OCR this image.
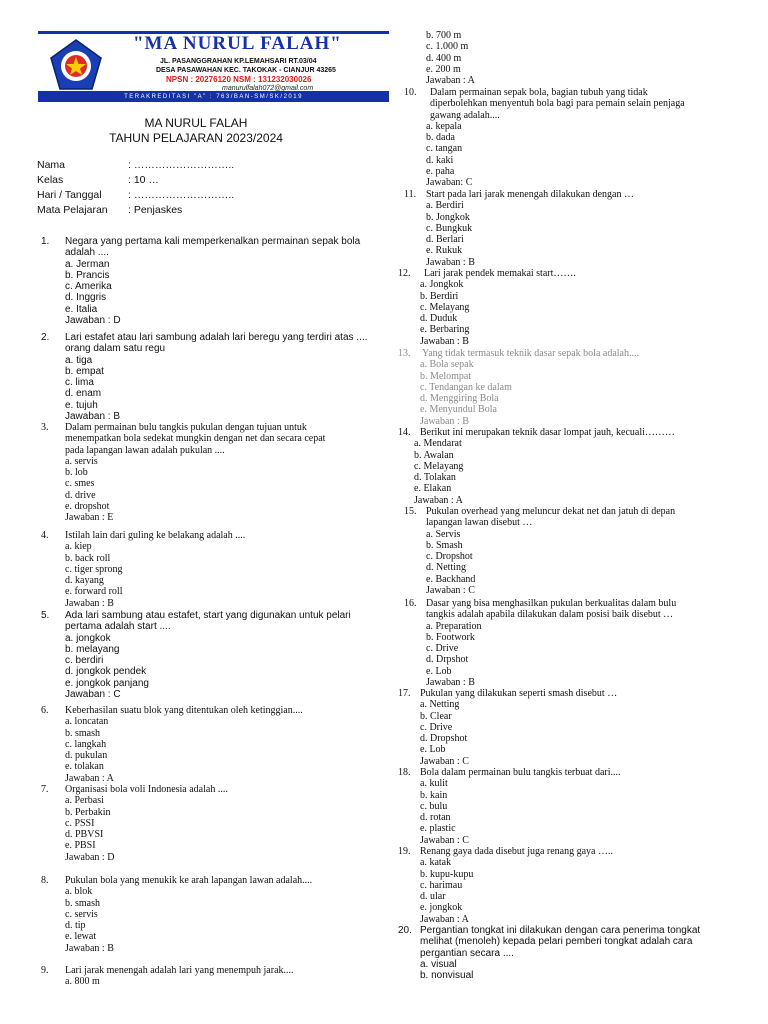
"MA NURUL FALAH"
JL. PASANGGRAHAN KP.LEMAHSARI RT.03/04
DESA PASAWAHAN KEC. TAKOKAK - CIANJUR 43265
NPSN : 20276120 NSM : 131232030026
manurulfalah072@gmail.com
TERAKREDITASI "A" : 763/BAN-SM/SK/2019
MA NURUL FALAH
TAHUN PELAJARAN 2023/2024
Nama	: ………………………..
Kelas	: 10 …
Hari / Tanggal	: ………………………..
Mata Pelajaran : Penjaskes
1. Negara yang pertama kali memperkenalkan permainan sepak bola
adalah ....
a. Jerman
b. Prancis
c. Amerika
d. Inggris
e. Italia
Jawaban : D
2. Lari estafet atau lari sambung adalah lari beregu yang terdiri atas ....
orang dalam satu regu
a. tiga
b. empat
c. lima
d. enam
e. tujuh
Jawaban : B
3. Dalam permainan bulu tangkis pukulan dengan tujuan untuk
menempatkan bola sedekat mungkin dengan net dan secara cepat
pada lapangan lawan adalah pukulan ....
a. servis
b. lob
c. smes
d. drive
e. dropshot
Jawaban : E
4. Istilah lain dari guling ke belakang adalah ....
a. kiep
b. back roll
c. tiger sprong
d. kayang
e. forward roll
Jawaban : B
5. Ada lari sambung atau estafet, start yang digunakan untuk pelari
pertama adalah start ....
a. jongkok
b. melayang
c. berdiri
d. jongkok pendek
e. jongkok panjang
Jawaban : C
6. Keberhasilan suatu blok yang ditentukan oleh ketinggian....
a. loncatan
b. smash
c. langkah
d. pukulan
e. tolakan
Jawaban : A
7. Organisasi bola voli Indonesia adalah ....
a. Perbasi
b. Perbakin
c. PSSI
d. PBVSI
e. PBSI
Jawaban : D
8. Pukulan bola yang menukik ke arah lapangan lawan adalah....
a. blok
b. smash
c. servis
d. tip
e. lewat
Jawaban : B
9. Lari jarak menengah adalah lari yang menempuh jarak....
a. 800 m
b. 700 m
c. 1.000 m
d. 400 m
e. 200 m
Jawaban : A
10.	Dalam permainan sepak bola, bagian tubuh yang tidak
diperbolehkan menyentuh bola bagi para pemain selain penjaga
gawang adalah....
a. kepala
b. dada
c. tangan
d. kaki
e. paha
Jawaban: C
11. Start pada lari jarak menengah dilakukan dengan …
a. Berdiri
b. Jongkok
c. Bungkuk
d. Berlari
e. Rukuk
Jawaban : B
12.	Lari jarak pendek memakai start…….
a. Jongkok
b. Berdiri
c. Melayang
d. Duduk
e. Berbaring
Jawaban : B
13.	Yang tidak termasuk teknik dasar sepak bola adalah....
a. Bola sepak
b. Melompat
c. Tendangan ke dalam
d. Menggiring Bola
e. Menyundul Bola
Jawaban : B
14. Berikut ini merupakan teknik dasar lompat jauh, kecuali………
a. Mendarat
b. Awalan
c. Melayang
d. Tolakan
e. Elakan
Jawaban : A
15. Pukulan overhead yang meluncur dekat net dan jatuh di depan
lapangan lawan disebut …
a. Servis
b. Smash
c. Dropshot
d. Netting
e. Backhand
Jawaban : C
16. Dasar yang bisa menghasilkan pukulan berkualitas dalam bulu
tangkis adalah apabila dilakukan dalam posisi baik disebut …
a. Preparation
b. Footwork
c. Drive
d. Drpshot
e. Lob
Jawaban : B
17. Pukulan yang dilakukan seperti smash disebut …
a. Netting
b. Clear
c. Drive
d. Dropshot
e. Lob
Jawaban : C
18. Bola dalam permainan bulu tangkis terbuat dari....
a. kulit
b. kain
c. bulu
d. rotan
e. plastic
Jawaban : C
19. Renang gaya dada disebut juga renang gaya …..
a. katak
b. kupu-kupu
c. harimau
d. ular
e. jongkok
Jawaban : A
20. Pergantian tongkat ini dilakukan dengan cara penerima tongkat
melihat (menoleh) kepada pelari pemberi tongkat adalah cara
pergantian secara ....
a. visual
b. nonvisual
